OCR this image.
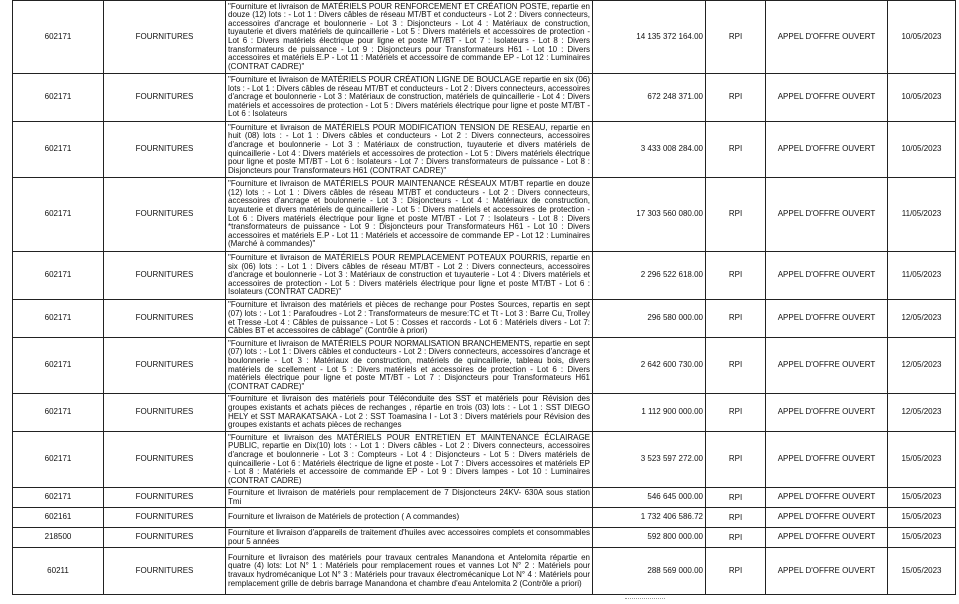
602171	FOURNITURES	"Fourniture et livraison de MATÉRIELS POUR RENFORCEMENT ET CRÉATION POSTE, repartie en douze (12) lots : - Lot 1 : Divers câbles de réseau MT/BT et conducteurs - Lot 2 : Divers connecteurs, accessoires d'ancrage et boulonnerie - Lot 3 : Disjoncteurs - Lot 4 : Matériaux de construction, tuyauterie et divers matériels de quincaillerie - Lot 5 : Divers matériels et accessoires de protection - Lot 6 : Divers matériels électrique pour ligne et poste MT/BT - Lot 7 : Isolateurs - Lot 8 : Divers transformateurs de puissance - Lot 9 : Disjoncteurs pour Transformateurs H61 - Lot 10 : Divers accessoires et matériels E.P - Lot 11 : Matériels et accessoire de commande EP - Lot 12 : Luminaires (CONTRAT CADRE)"	14 135 372 164.00	RPI	APPEL D'OFFRE OUVERT	10/05/2023
602171	FOURNITURES	"Fourniture et livraison de MATÉRIELS POUR CRÉATION LIGNE DE BOUCLAGE repartie en six (06) lots : - Lot 1 : Divers câbles de réseau MT/BT et conducteurs - Lot 2 : Divers connecteurs, accessoires d'ancrage et boulonnerie - Lot 3 : Matériaux de construction, matériels de quincaillerie - Lot 4 : Divers matériels et accessoires de protection - Lot 5 : Divers matériels électrique pour ligne et poste MT/BT - Lot 6 : Isolateurs	672 248 371.00	RPI	APPEL D'OFFRE OUVERT	10/05/2023
602171	FOURNITURES	"Fourniture et livraison de MATÉRIELS POUR MODIFICATION TENSION DE RESEAU, repartie en huit (08) lots : - Lot 1 : Divers câbles et conducteurs - Lot 2 : Divers connecteurs, accessoires d'ancrage et boulonnerie - Lot 3 : Matériaux de construction, tuyauterie et divers matériels de quincaillerie - Lot 4 : Divers matériels et accessoires de protection - Lot 5 : Divers matériels électrique pour ligne et poste MT/BT - Lot 6 : Isolateurs - Lot 7 : Divers transformateurs de puissance - Lot 8 : Disjoncteurs pour Transformateurs H61 (CONTRAT CADRE)"	3 433 008 284.00	RPI	APPEL D'OFFRE OUVERT	10/05/2023
602171	FOURNITURES	"Fourniture et livraison de MATÉRIELS POUR MAINTENANCE RÉSEAUX MT/BT repartie en douze (12) lots : - Lot 1 : Divers câbles de réseau MT/BT et conducteurs - Lot 2 : Divers connecteurs, accessoires d'ancrage et boulonnerie - Lot 3 : Disjoncteurs - Lot 4 : Matériaux de construction, tuyauterie et divers matériels de quincaillerie - Lot 5 : Divers matériels et accessoires de protection - Lot 6 : Divers matériels électrique pour ligne et poste MT/BT - Lot 7 : Isolateurs - Lot 8 : Divers *transformateurs de puissance - Lot 9 : Disjoncteurs pour Transformateurs H61 - Lot 10 : Divers accessoires et matériels E.P - Lot 11 : Matériels et accessoire de commande EP - Lot 12 : Luminaires (Marché à commandes)"	17 303 560 080.00	RPI	APPEL D'OFFRE OUVERT	11/05/2023
602171	FOURNITURES	"Fourniture et livraison de MATÉRIELS POUR REMPLACEMENT POTEAUX POURRIS, repartie en six (06) lots : - Lot 1 : Divers câbles de réseau MT/BT - Lot 2 : Divers connecteurs, accessoires d'ancrage et boulonnerie - Lot 3 : Matériaux de construction et tuyauterie - Lot 4 : Divers matériels et accessoires de protection - Lot 5 : Divers matériels électrique pour ligne et poste MT/BT - Lot 6 : Isolateurs (CONTRAT CADRE)"	2 296 522 618.00	RPI	APPEL D'OFFRE OUVERT	11/05/2023
602171	FOURNITURES	"Fourniture et livraison des matériels et pièces de rechange pour Postes Sources, repartis en sept (07) lots : - Lot 1 : Parafoudres - Lot 2 : Transformateurs de mesure:TC et Tt - Lot 3 : Barre Cu, Trolley et Tresse -Lot 4 : Câbles de puissance - Lot 5 : Cosses et raccords - Lot 6 : Matériels divers - Lot 7: Câbles BT et accessoires de câblage" (Contrôle à priori)	296 580 000.00	RPI	APPEL D'OFFRE OUVERT	12/05/2023
602171	FOURNITURES	"Fourniture et livraison de MATÉRIELS POUR NORMALISATION BRANCHEMENTS, repartie en sept (07) lots : - Lot 1 : Divers câbles et conducteurs - Lot 2 : Divers connecteurs, accessoires d'ancrage et boulonnerie - Lot 3 : Matériaux de construction, matériels de quincaillerie, tableau bois, divers matériels de scellement - Lot 5 : Divers matériels et accessoires de protection - Lot 6 : Divers matériels électrique pour ligne et poste MT/BT - Lot 7 : Disjoncteurs pour Transformateurs H61 (CONTRAT CADRE)"	2 642 600 730.00	RPI	APPEL D'OFFRE OUVERT	12/05/2023
602171	FOURNITURES	"Fourniture et livraison des matériels pour Téléconduite des SST et matériels pour Révision des groupes existants et achats pièces de rechanges , répartie en trois (03) lots : - Lot 1 : SST DIEGO HELY et SST MARAKATSAKA - Lot 2 : SST Toamasina I - Lot 3 : Divers matériels pour Révision des groupes existants et achats pièces de rechanges	1 112 900 000.00	RPI	APPEL D'OFFRE OUVERT	12/05/2023
602171	FOURNITURES	"Fourniture et livraison des MATÉRIELS POUR ENTRETIEN ET MAINTENANCE ÉCLAIRAGE PUBLIC, repartie en Dix(10) lots : - Lot 1 : Divers câbles - Lot 2 : Divers connecteurs, accessoires d'ancrage et boulonnerie - Lot 3 : Compteurs - Lot 4 : Disjoncteurs - Lot 5 : Divers matériels de quincaillerie - Lot 6 : Matériels électrique de ligne et poste - Lot 7 : Divers accessoires et matériels EP - Lot 8 : Matériels et accessoire de commande EP - Lot 9 : Divers lampes - Lot 10 : Luminaires (CONTRAT CADRE)	3 523 597 272.00	RPI	APPEL D'OFFRE OUVERT	15/05/2023
602171	FOURNITURES	Fourniture et livraison de matériels pour remplacement de 7 Disjoncteurs 24KV- 630A sous station Tmi	546 645 000.00	RPI	APPEL D'OFFRE OUVERT	15/05/2023
602161	FOURNITURES	Fourniture et livraison de Matériels de protection ( A commandes)	1 732 406 586.72	RPI	APPEL D'OFFRE OUVERT	15/05/2023
218500	FOURNITURES	Fourniture et livraison d'appareils de traitement d'huiles avec accessoires complets et consommables pour 5 années	592 800 000.00	RPI	APPEL D'OFFRE OUVERT	15/05/2023
60211	FOURNITURES	Fourniture et livraison des matériels pour travaux centrales Manandona et Antelomita répartie en quatre (4) lots: Lot N° 1 : Matériels pour remplacement roues et vannes Lot N° 2 : Matériels pour travaux hydromécanique Lot N° 3 : Matériels pour travaux électromécanique Lot N° 4 : Matériels pour remplacement grille de debris barrage Manandona et chambre d'eau Antelomita 2 (Contrôle a priori)	288 569 000.00	RPI	APPEL D'OFFRE OUVERT	15/05/2023
